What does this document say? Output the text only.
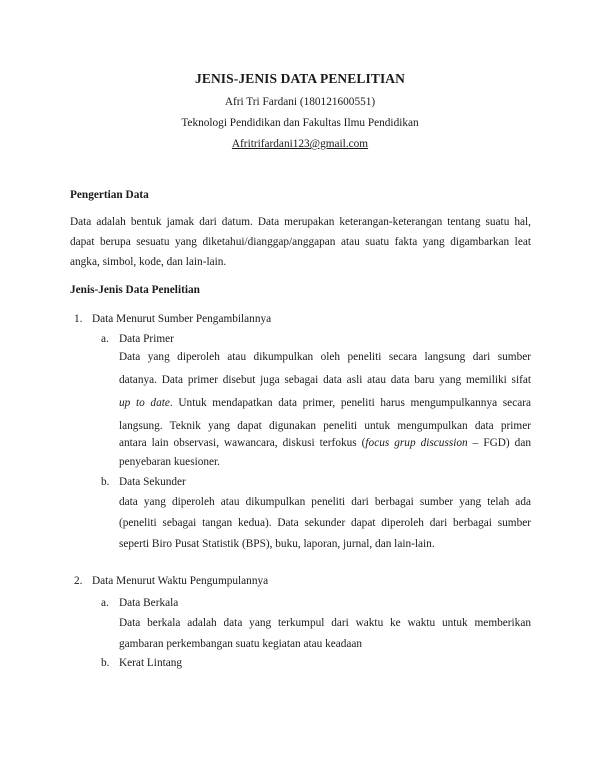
JENIS-JENIS DATA PENELITIAN
Afri Tri Fardani (180121600551)
Teknologi Pendidikan dan Fakultas Ilmu Pendidikan
Afritrifardani123@gmail.com
Pengertian Data
Data adalah bentuk jamak dari datum. Data merupakan keterangan-keterangan tentang suatu hal,
dapat berupa sesuatu yang diketahui/dianggap/anggapan atau suatu fakta yang digambarkan leat
angka, simbol, kode, dan lain-lain.
Jenis-Jenis Data Penelitian
1. Data Menurut Sumber Pengambilannya
a. Data Primer
Data yang diperoleh atau dikumpulkan oleh peneliti secara langsung dari sumber
datanya. Data primer disebut juga sebagai data asli atau data baru yang memiliki sifat
up to date. Untuk mendapatkan data primer, peneliti harus mengumpulkannya secara
langsung. Teknik yang dapat digunakan peneliti untuk mengumpulkan data primer
antara lain observasi, wawancara, diskusi terfokus (focus grup discussion – FGD) dan
penyebaran kuesioner.
b. Data Sekunder
data yang diperoleh atau dikumpulkan peneliti dari berbagai sumber yang telah ada
(peneliti sebagai tangan kedua). Data sekunder dapat diperoleh dari berbagai sumber
seperti Biro Pusat Statistik (BPS), buku, laporan, jurnal, dan lain-lain.
2. Data Menurut Waktu Pengumpulannya
a. Data Berkala
Data berkala adalah data yang terkumpul dari waktu ke waktu untuk memberikan
gambaran perkembangan suatu kegiatan atau keadaan
b. Kerat Lintang
